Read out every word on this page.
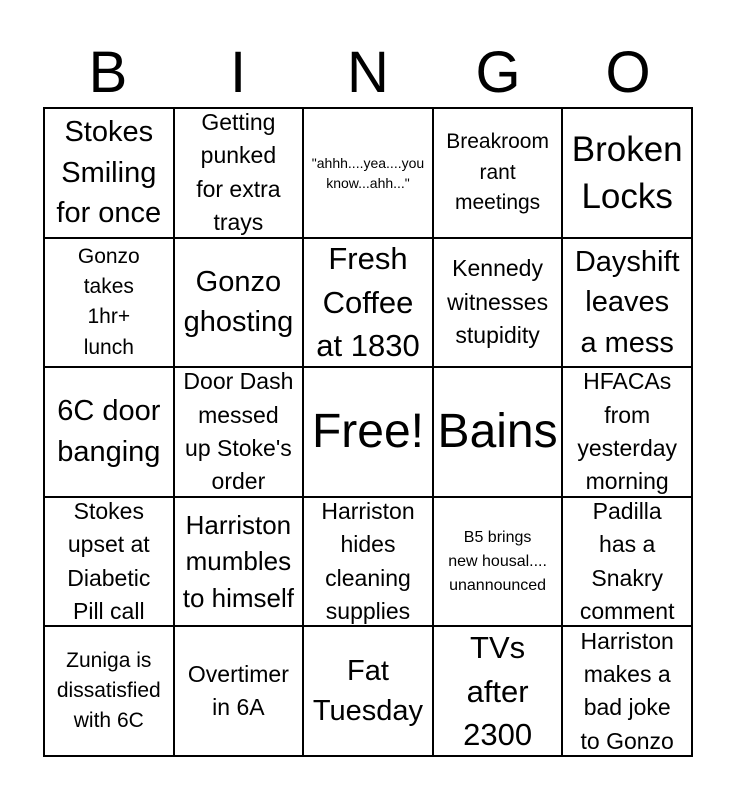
B	I	N	G	O
Stokes
Smiling
for once
Getting
punked
for extra
trays
"ahhh....yea....you
know...ahh..."
Breakroom
rant
meetings
Broken
Locks
Gonzo
takes
1hr+
lunch
Gonzo
ghosting
Fresh
Coffee
at 1830
Kennedy
witnesses
stupidity
Dayshift
leaves
a mess
6C door
banging
Door Dash
messed
up Stoke's
order
Free! Bains
HFACAs
from
yesterday
morning
Stokes
upset at
Diabetic
Pill call
Harriston
mumbles
to himself
Harriston
hides
cleaning
supplies
B5 brings
new housal....
unannounced
Padilla
has a
Snakry
comment
Zuniga is
dissatisfied
with 6C
Overtimer
in 6A
Fat
Tuesday
TVs
after
2300
Harriston
makes a
bad joke
to Gonzo
